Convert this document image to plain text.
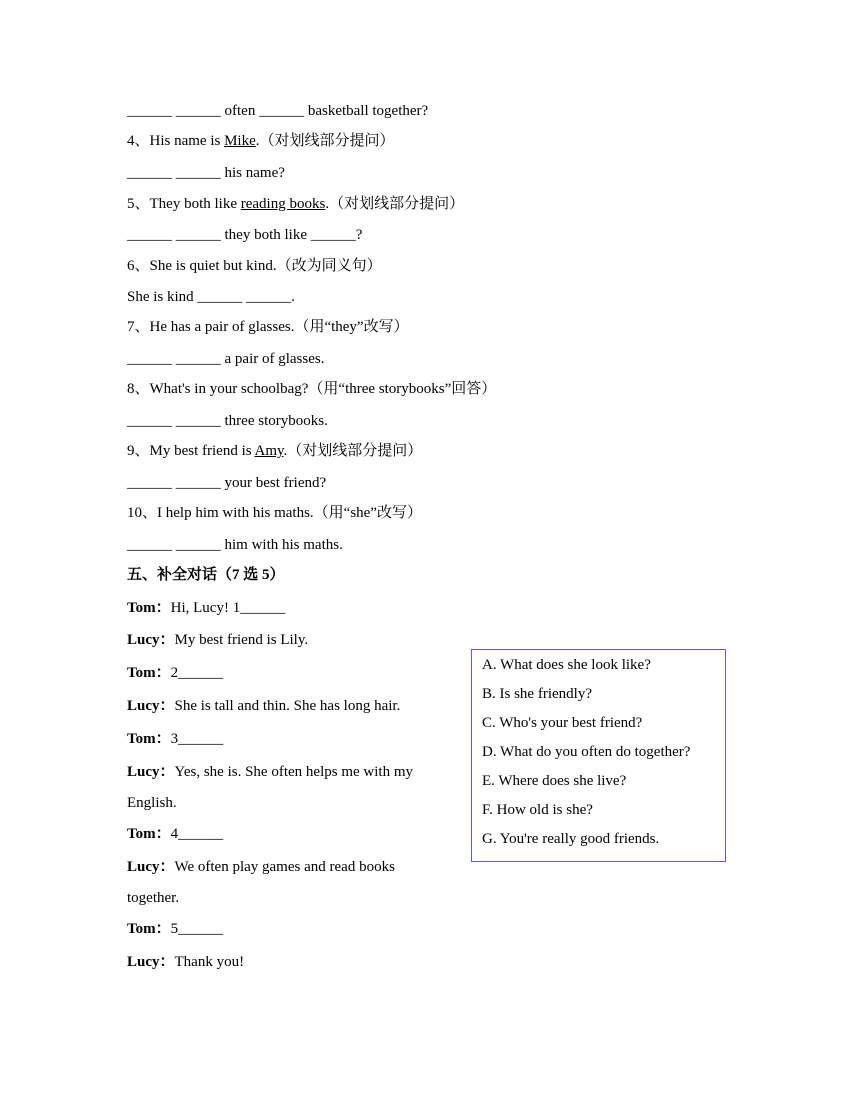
______ ______ often ______ basketball together?
4、His name is Mike.（对划线部分提问）
______ ______ his name?
5、They both like reading books.（对划线部分提问）
______ ______ they both like ______?
6、She is quiet but kind.（改为同义句）
She is kind ______ ______.
7、He has a pair of glasses.（用“they”改写）
______ ______ a pair of glasses.
8、What's in your schoolbag?（用“three storybooks”回答）
______ ______ three storybooks.
9、My best friend is Amy.（对划线部分提问）
______ ______ your best friend?
10、I help him with his maths.（用“she”改写）
______ ______ him with his maths.
五、补全对话（7 选 5）
Tom：Hi, Lucy! 1______
Lucy：My best friend is Lily.
Tom：2______
Lucy：She is tall and thin. She has long hair.
Tom：3______
Lucy：Yes, she is. She often helps me with my
English.
Tom：4______
Lucy：We often play games and read books
together.
Tom：5______
Lucy：Thank you!
A. What does she look like?
B. Is she friendly?
C. Who's your best friend?
D. What do you often do together?
E. Where does she live?
F. How old is she?
G. You're really good friends.
